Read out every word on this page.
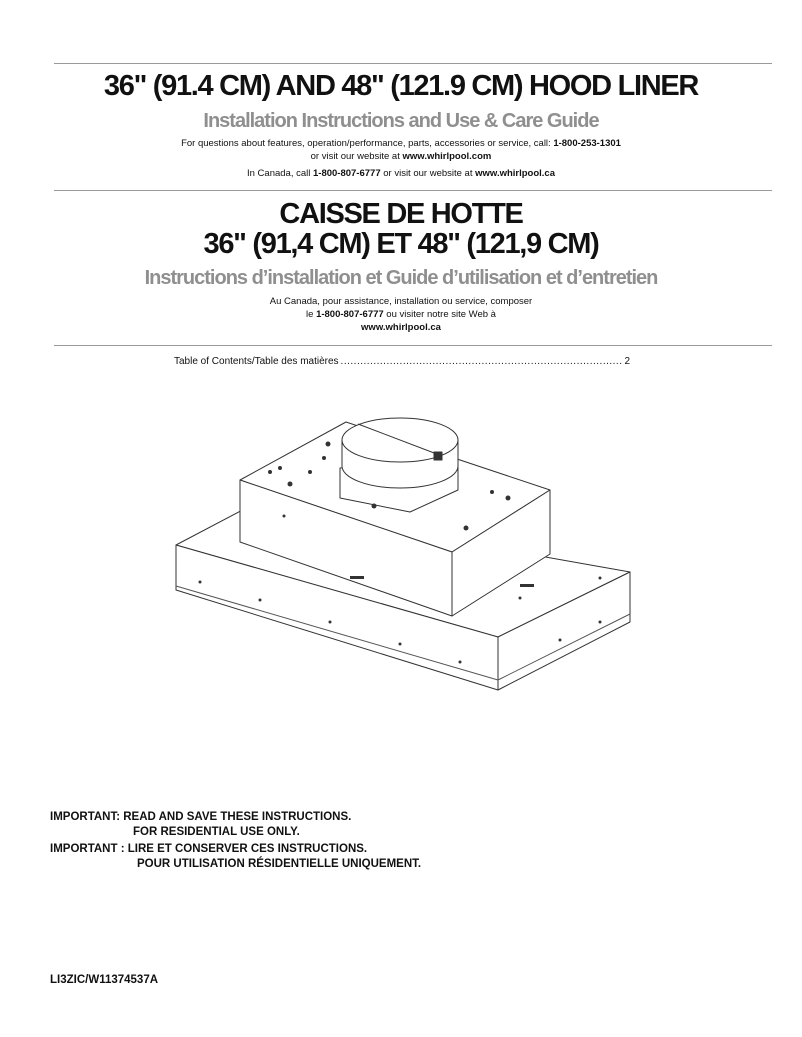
36" (91.4 CM) AND 48" (121.9 CM) HOOD LINER
Installation Instructions and Use & Care Guide
For questions about features, operation/performance, parts, accessories or service, call: 1-800-253-1301
or visit our website at www.whirlpool.com
In Canada, call 1-800-807-6777 or visit our website at www.whirlpool.ca
CAISSE DE HOTTE
36" (91,4 CM) ET 48" (121,9 CM)
Instructions d’installation et Guide d’utilisation et d’entretien
Au Canada, pour assistance, installation ou service, composer
le 1-800-807-6777 ou visiter notre site Web à
www.whirlpool.ca
Table of Contents/Table des matières
.....	2
IMPORTANT: READ AND SAVE THESE INSTRUCTIONS.
FOR RESIDENTIAL USE ONLY.
IMPORTANT : LIRE ET CONSERVER CES INSTRUCTIONS.
POUR UTILISATION RÉSIDENTIELLE UNIQUEMENT.
LI3ZIC/W11374537A
